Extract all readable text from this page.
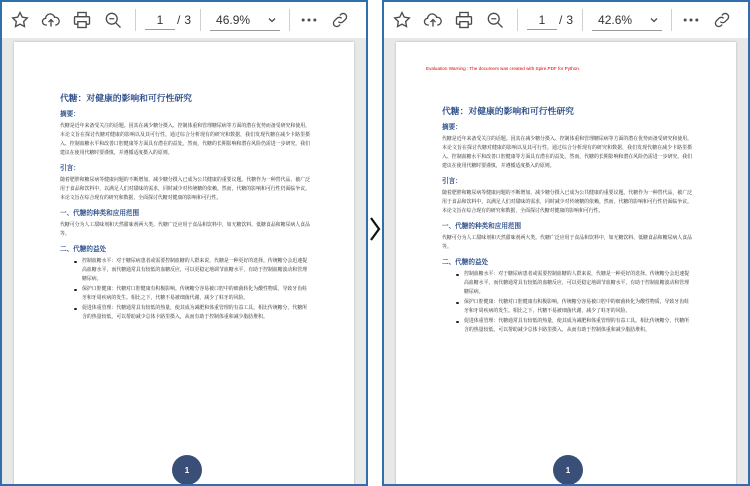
1
/ 3 46.9%
代糖：对健康的影响和可行性研究
摘要：
代糖是近年来备受关注的话题。因其在减少糖分摄入、控制体重和管理糖尿病等方面的潜在优势而备受研究和使用。本论文旨在探讨代糖对健康的影响以及其可行性。通过综合分析现有的研究和数据，我们发现代糖在减少卡路里摄入、控制血糖水平和改善口腔健康等方面具有潜在的益处。然而，代糖的长期影响和潜在风险仍需进一步研究。我们建议在使用代糖时要谨慎，并遵循适度摄入的原则。
引言：
随着肥胖和糖尿病等健康问题的不断增加，减少糖分摄入已成为公共健康的重要议题。代糖作为一种替代品，被广泛用于食品和饮料中，以满足人们对甜味的需求，同时减少对传统糖的依赖。然而，代糖的影响和可行性仍面临争议。本论文旨在综合现有的研究和数据，全面探讨代糖对健康的影响和可行性。
一、代糖的种类和应用范围
代糖可分为人工甜味剂和天然甜味剂两大类。代糖广泛应用于食品和饮料中，如无糖饮料、低糖食品和糖尿病人食品等。
二、代糖的益处
控制血糖水平：对于糖尿病患者或需要控制血糖的人群来说，代糖是一种更好的选择。传统糖分会迅速提高血糖水平，而代糖通常具有较低的血糖反应，可以更稳定地调节血糖水平，有助于控制血糖波动和管理糖尿病。
保护口腔健康：代糖对口腔健康有积极影响。传统糖分容易被口腔中的细菌转化为酸性物质，导致牙齿蛀牙和牙周疾病的发生。相比之下，代糖不易被细菌代谢，减少了蛀牙的风险。
促进体重管理：代糖通常具有较低的热量，使其成为减肥和体重管理的有益工具。相比传统糖分，代糖所含的热量较低，可以帮助减少总体卡路里摄入，从而有助于控制体重和减少脂肪堆积。
1
1
/ 3 42.6%
Evaluation Warning : The document was created with Spire.PDF for Python.
代糖：对健康的影响和可行性研究
摘要：
代糖是近年来备受关注的话题。因其在减少糖分摄入、控制体重和管理糖尿病等方面的潜在优势而备受研究和使用。本论文旨在探讨代糖对健康的影响以及其可行性。通过综合分析现有的研究和数据，我们发现代糖在减少卡路里摄入、控制血糖水平和改善口腔健康等方面具有潜在的益处。然而，代糖的长期影响和潜在风险仍需进一步研究。我们建议在使用代糖时要谨慎，并遵循适度摄入的原则。
引言：
随着肥胖和糖尿病等健康问题的不断增加，减少糖分摄入已成为公共健康的重要议题。代糖作为一种替代品，被广泛用于食品和饮料中，以满足人们对甜味的需求，同时减少对传统糖的依赖。然而，代糖的影响和可行性仍面临争议。本论文旨在综合现有的研究和数据，全面探讨代糖对健康的影响和可行性。
一、代糖的种类和应用范围
代糖可分为人工甜味剂和天然甜味剂两大类。代糖广泛应用于食品和饮料中，如无糖饮料、低糖食品和糖尿病人食品等。
二、代糖的益处
控制血糖水平：对于糖尿病患者或需要控制血糖的人群来说，代糖是一种更好的选择。传统糖分会迅速提高血糖水平，而代糖通常具有较低的血糖反应，可以更稳定地调节血糖水平，有助于控制血糖波动和管理糖尿病。
保护口腔健康：代糖对口腔健康有积极影响。传统糖分容易被口腔中的细菌转化为酸性物质，导致牙齿蛀牙和牙周疾病的发生。相比之下，代糖不易被细菌代谢，减少了蛀牙的风险。
促进体重管理：代糖通常具有较低的热量，使其成为减肥和体重管理的有益工具。相比传统糖分，代糖所含的热量较低，可以帮助减少总体卡路里摄入，从而有助于控制体重和减少脂肪堆积。
1
